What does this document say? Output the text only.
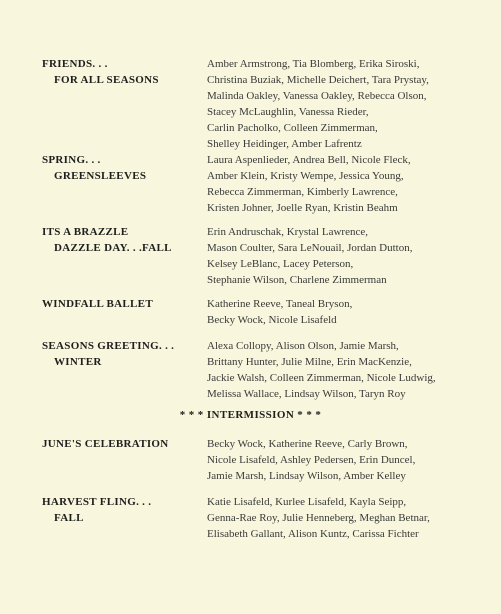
FRIENDS. . .
FOR ALL SEASONS
Amber Armstrong, Tia Blomberg, Erika Siroski,
Christina Buziak, Michelle Deichert, Tara Prystay,
Malinda Oakley, Vanessa Oakley, Rebecca Olson,
Stacey McLaughlin, Vanessa Rieder,
Carlin Pacholko, Colleen Zimmerman,
Shelley Heidinger, Amber Lafrentz
SPRING. . .
GREENSLEEVES
Laura Aspenlieder, Andrea Bell, Nicole Fleck,
Amber Klein, Kristy Wempe, Jessica Young,
Rebecca Zimmerman, Kimberly Lawrence,
Kristen Johner, Joelle Ryan, Kristin Beahm
ITS A BRAZZLE
DAZZLE DAY. . .FALL
Erin Andruschak, Krystal Lawrence,
Mason Coulter, Sara LeNouail, Jordan Dutton,
Kelsey LeBlanc, Lacey Peterson,
Stephanie Wilson, Charlene Zimmerman
WINDFALL BALLET	Katherine Reeve, Taneal Bryson,
Becky Wock, Nicole Lisafeld
SEASONS GREETING. . .
WINTER
Alexa Collopy, Alison Olson, Jamie Marsh,
Brittany Hunter, Julie Milne, Erin MacKenzie,
Jackie Walsh, Colleen Zimmerman, Nicole Ludwig,
Melissa Wallace, Lindsay Wilson, Taryn Roy
* * * INTERMISSION * * *
JUNE'S CELEBRATION	Becky Wock, Katherine Reeve, Carly Brown,
Nicole Lisafeld, Ashley Pedersen, Erin Duncel,
Jamie Marsh, Lindsay Wilson, Amber Kelley
HARVEST FLING. . .
FALL
Katie Lisafeld, Kurlee Lisafeld, Kayla Seipp,
Genna-Rae Roy, Julie Henneberg, Meghan Betnar,
Elisabeth Gallant, Alison Kuntz, Carissa Fichter
